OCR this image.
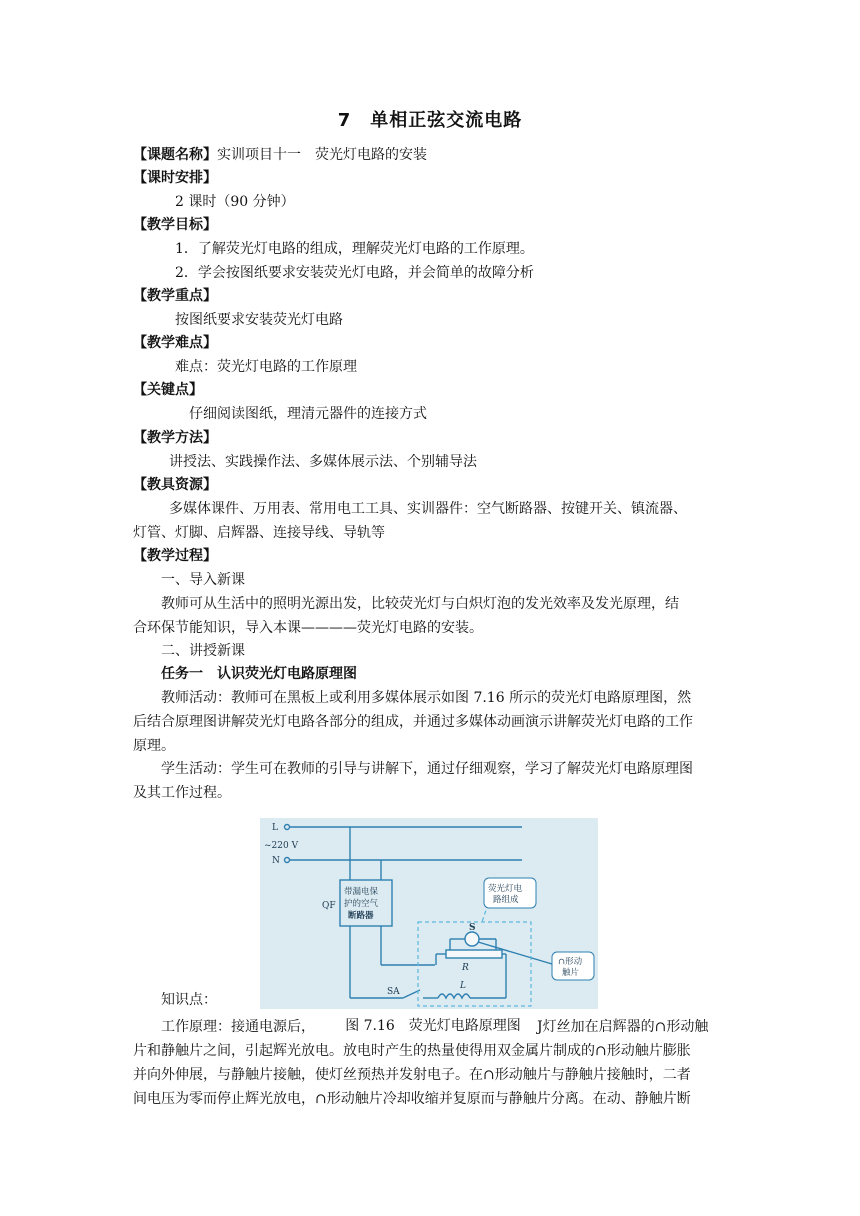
7　单相正弦交流电路
【课题名称】实训项目十一　荧光灯电路的安装
【课时安排】
2 课时（90 分钟）
【教学目标】
1．了解荧光灯电路的组成，理解荧光灯电路的工作原理。
2．学会按图纸要求安装荧光灯电路，并会简单的故障分析
【教学重点】
按图纸要求安装荧光灯电路
【教学难点】
难点：荧光灯电路的工作原理
【关键点】
仔细阅读图纸，理清元器件的连接方式
【教学方法】
讲授法、实践操作法、多媒体展示法、个别辅导法
【教具资源】
多媒体课件、万用表、常用电工工具、实训器件：空气断路器、按键开关、镇流器、
灯管、灯脚、启辉器、连接导线、导轨等
【教学过程】
一、导入新课
教师可从生活中的照明光源出发，比较荧光灯与白炽灯泡的发光效率及发光原理，结
合环保节能知识，导入本课————荧光灯电路的安装。
二、讲授新课
任务一　认识荧光灯电路原理图
教师活动：教师可在黑板上或利用多媒体展示如图 7.16 所示的荧光灯电路原理图，然
后结合原理图讲解荧光灯电路各部分的组成，并通过多媒体动画演示讲解荧光灯电路的工作
原理。
学生活动：学生可在教师的引导与讲解下，通过仔细观察，学习了解荧光灯电路原理图
及其工作过程。
L
~220 V
N
QF
带漏电保
护的空气
断路器
荧光灯电
路组成
S
R
∩形动
触片
SA
L
知识点：
工作原理：接通电源后，	J灯丝加在启辉器的∩形动触
图 7.16　荧光灯电路原理图
片和静触片之间，引起辉光放电。放电时产生的热量使得用双金属片制成的∩形动触片膨胀
并向外伸展，与静触片接触，使灯丝预热并发射电子。在∩形动触片与静触片接触时，二者
间电压为零而停止辉光放电，∩形动触片冷却收缩并复原而与静触片分离。在动、静触片断
